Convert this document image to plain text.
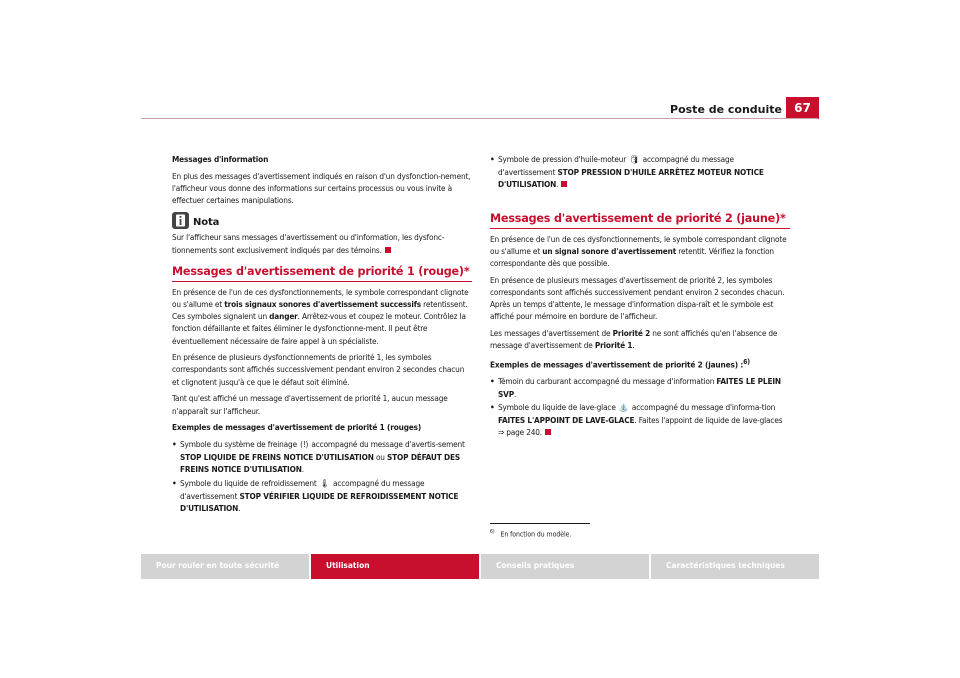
Poste de conduite	67

Messages d'information

En plus des messages d'avertissement indiqués en raison d'un dysfonction-nement, l'afficheur vous donne des informations sur certains processus ou vous invite à effectuer certaines manipulations.

Nota

Sur l'afficheur sans messages d'avertissement ou d'information, les dysfonc-tionnements sont exclusivement indiqués par des témoins.

Messages d'avertissement de priorité 1 (rouge)*

En présence de l'un de ces dysfonctionnements, le symbole correspondant clignote ou s'allume et trois signaux sonores d'avertissement successifs retentissent. Ces symboles signalent un danger. Arrêtez-vous et coupez le moteur. Contrôlez la fonction défaillante et faites éliminer le dysfonctionne-ment. Il peut être éventuellement nécessaire de faire appel à un spécialiste.

En présence de plusieurs dysfonctionnements de priorité 1, les symboles correspondants sont affichés successivement pendant environ 2 secondes chacun et clignotent jusqu'à ce que le défaut soit éliminé.

Tant qu'est affiché un message d'avertissement de priorité 1, aucun message n'apparaît sur l'afficheur.

Exemples de messages d'avertissement de priorité 1 (rouges)

• Symbole du système de freinage (!) accompagné du message d'avertis-sement STOP LIQUIDE DE FREINS NOTICE D'UTILISATION ou STOP DÉFAUT DES FREINS NOTICE D'UTILISATION.
• Symbole du liquide de refroidissement 🌡 accompagné du message d'avertissement STOP VÉRIFIER LIQUIDE DE REFROIDISSEMENT NOTICE D'UTILISATION.
• Symbole de pression d'huile-moteur 🛢 accompagné du message d'avertissement STOP PRESSION D'HUILE ARRÊTEZ MOTEUR NOTICE D'UTILISATION.
Messages d'avertissement de priorité 2 (jaune)*

En présence de l'un de ces dysfonctionnements, le symbole correspondant clignote ou s'allume et un signal sonore d'avertissement retentit. Vérifiez la fonction correspondante dès que possible.

En présence de plusieurs messages d'avertissement de priorité 2, les symboles correspondants sont affichés successivement pendant environ 2 secondes chacun. Après un temps d'attente, le message d'information dispa-raît et le symbole est affiché pour mémoire en bordure de l'afficheur.

Les messages d'avertissement de Priorité 2 ne sont affichés qu'en l'absence de message d'avertissement de Priorité 1.

Exemples de messages d'avertissement de priorité 2 (jaunes) :$^{6)}$

• Témoin du carburant accompagné du message d'information FAITES LE PLEIN SVP.
• Symbole du liquide de lave-glace ⛲ accompagné du message d'informa-tion FAITES L'APPOINT DE LAVE-GLACE. Faites l'appoint de liquide de lave-glaces ⇒ page 240.
$^{6)}$ En fonction du modèle.
Pour rouler en toute sécurité	Utilisation	Conseils pratiques	Caractéristiques techniques
